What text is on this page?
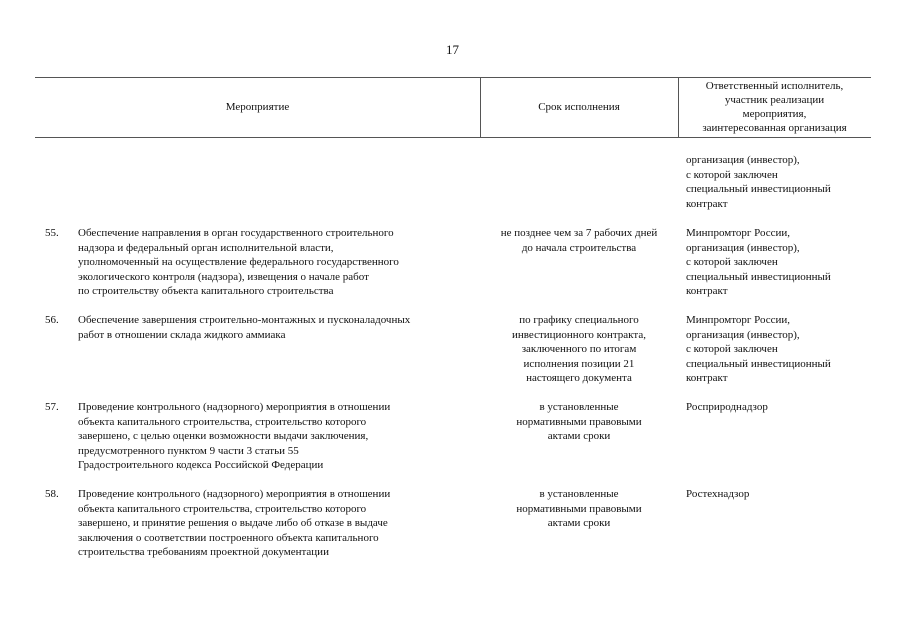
17
Мероприятие	Срок исполнения
Ответственный исполнитель,
участник реализации
мероприятия,
заинтересованная организация
организация (инвестор),
с которой заключен
специальный инвестиционный
контракт
55. Обеспечение направления в орган государственного строительного
надзора и федеральный орган исполнительной власти,
уполномоченный на осуществление федерального государственного
экологического контроля (надзора), извещения о начале работ
по строительству объекта капитального строительства
не позднее чем за 7 рабочих дней
до начала строительства
Минпромторг России,
организация (инвестор),
с которой заключен
специальный инвестиционный
контракт
56. Обеспечение завершения строительно-монтажных и пусконаладочных
работ в отношении склада жидкого аммиака
по графику специального
инвестиционного контракта,
заключенного по итогам
исполнения позиции 21
настоящего документа
Минпромторг России,
организация (инвестор),
с которой заключен
специальный инвестиционный
контракт
57. Проведение контрольного (надзорного) мероприятия в отношении
объекта капитального строительства, строительство которого
завершено, с целью оценки возможности выдачи заключения,
предусмотренного пунктом 9 части 3 статьи 55
Градостроительного кодекса Российской Федерации
в установленные
нормативными правовыми
актами сроки
Росприроднадзор
58. Проведение контрольного (надзорного) мероприятия в отношении
объекта капитального строительства, строительство которого
завершено, и принятие решения о выдаче либо об отказе в выдаче
заключения о соответствии построенного объекта капитального
строительства требованиям проектной документации
в установленные
нормативными правовыми
актами сроки
Ростехнадзор
